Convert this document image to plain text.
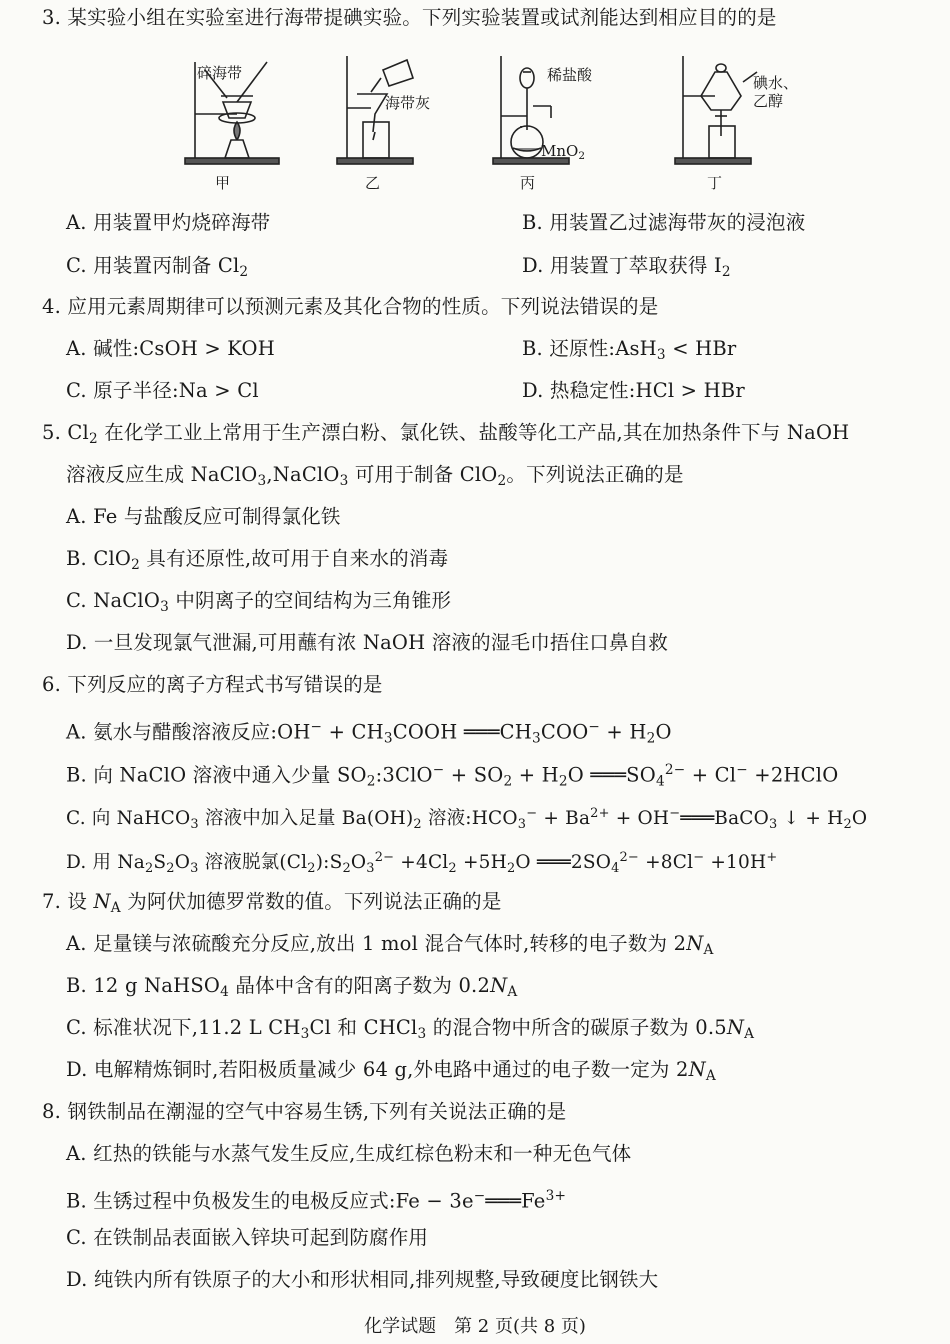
3. 某实验小组在实验室进行海带提碘实验。下列实验装置或试剂能达到相应目的的是
碎海带
海带灰
稀盐酸
MnO$_2$
碘水、
乙醇
甲	乙	丙	丁
A. 用装置甲灼烧碎海带	B. 用装置乙过滤海带灰的浸泡液
C. 用装置丙制备 $Cl_2$	D. 用装置丁萃取获得 $I_2$
4. 应用元素周期律可以预测元素及其化合物的性质。下列说法错误的是
A. 碱性:CsOH > KOH	B. 还原性:AsH$_3$ < HBr
C. 原子半径:Na > Cl	D. 热稳定性:HCl > HBr
5. $Cl_2$ 在化学工业上常用于生产漂白粉、氯化铁、盐酸等化工产品,其在加热条件下与 NaOH
溶液反应生成 NaClO$_3$,NaClO$_3$ 可用于制备 ClO$_2$。下列说法正确的是
A. Fe 与盐酸反应可制得氯化铁
B. ClO$_2$ 具有还原性,故可用于自来水的消毒
C. NaClO$_3$ 中阴离子的空间结构为三角锥形
D. 一旦发现氯气泄漏,可用蘸有浓 NaOH 溶液的湿毛巾捂住口鼻自救
6. 下列反应的离子方程式书写错误的是
A. 氨水与醋酸溶液反应:OH− + $CH_3COOH$ $═══CH_3COO^- + H_2O$
B. 向 NaClO 溶液中通入少量 $SO_2:3ClO^- + SO_2 + H_2O$ $═══SO_4^{2-} + Cl^-$ +2HClO
C. 向 NaHCO$_3$ 溶液中加入足量 $Ba(OH)_2$ 溶液$:HCO_3^- + Ba^{2+}$ + OH−═══BaCO$_3$ ↓ + $H_2O$
D. 用 $Na_2S_2O_3$ 溶液脱氯$(Cl_2):S_2O_3^{2-} +4Cl_2 +5H_2O$ $═══2SO_4^{2-} +8Cl^- +10H^+$
7. 设 $N_A$ 为阿伏加德罗常数的值。下列说法正确的是
A. 足量镁与浓硫酸充分反应,放出 1 mol 混合气体时,转移的电子数为 $2N_A$
B. 12 g NaHSO$_4$ 晶体中含有的阳离子数为 $0.2N_A$
C. 标准状况下,11.2 L $CH_3Cl$ 和 CHCl$_3$ 的混合物中所含的碳原子数为 $0.5N_A$
D. 电解精炼铜时,若阳极质量减少 64 g,外电路中通过的电子数一定为 $2N_A$
8. 钢铁制品在潮湿的空气中容易生锈,下列有关说法正确的是
A. 红热的铁能与水蒸气发生反应,生成红棕色粉末和一种无色气体
B. 生锈过程中负极发生的电极反应式:Fe − $3e^-═══Fe^{3+}$
C. 在铁制品表面嵌入锌块可起到防腐作用
D. 纯铁内所有铁原子的大小和形状相同,排列规整,导致硬度比钢铁大
化学试题　第 2 页(共 8 页)
